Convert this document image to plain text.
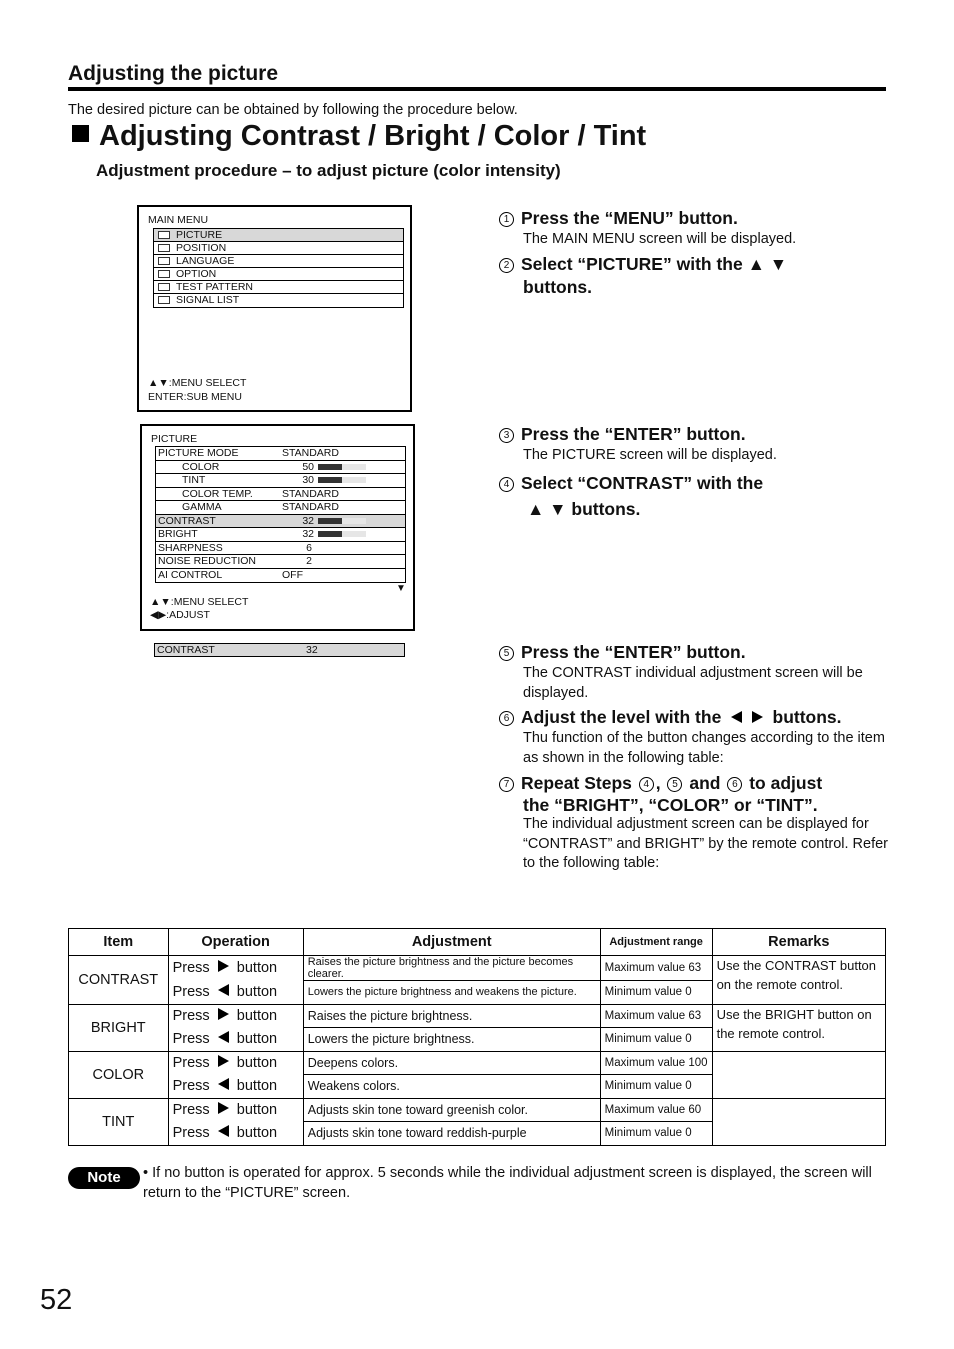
Adjusting the picture
The desired picture can be obtained by following the procedure below.
Adjusting Contrast / Bright / Color / Tint
Adjustment procedure – to adjust picture (color intensity)
MAIN MENU
PICTURE
POSITION
LANGUAGE
OPTION
TEST PATTERN
SIGNAL LIST
▲▼:MENU SELECT
ENTER:SUB MENU
PICTURE
PICTURE MODE	STANDARD
COLOR	50
TINT	30
COLOR TEMP.	STANDARD
GAMMA	STANDARD
CONTRAST	32
BRIGHT	32
SHARPNESS	6
NOISE REDUCTION	2
AI CONTROL	OFF
▼
▲▼:MENU SELECT
◀▶:ADJUST
CONTRAST	32
1 Press the “MENU” button.
The MAIN MENU screen will be displayed.
2 Select “PICTURE” with the ▲ ▼
buttons.
3 Press the “ENTER” button.
The PICTURE screen will be displayed.
4 Select “CONTRAST” with the
▲ ▼ buttons.
5 Press the “ENTER” button.
The CONTRAST individual adjustment screen will be displayed.
6 Adjust the level with the	buttons.
Thu function of the button changes according to the item as shown in the following table:
7 Repeat Steps 4 , 5 and 6 to adjust
the “BRIGHT”, “COLOR” or “TINT”.
The individual adjustment screen can be displayed for “CONTRAST” and BRIGHT” by the remote control. Refer to the following table:
Item	Operation	Adjustment	Adjustment range	Remarks
CONTRAST	Press button	Raises the picture brightness and the picture becomes clearer.	Maximum value 63	Use the CONTRAST button on the remote control.
	Press button	Lowers the picture brightness and weakens the picture.	Minimum value 0	
BRIGHT	Press button	Raises the picture brightness.	Maximum value 63	Use the BRIGHT button on the remote control.
	Press button	Lowers the picture brightness.	Minimum value 0	
COLOR	Press button	Deepens colors.	Maximum value 100	
	Press button	Weakens colors.	Minimum value 0	
TINT	Press button	Adjusts skin tone toward greenish color.	Maximum value 60	
	Press button	Adjusts skin tone toward reddish-purple	Minimum value 0	
Note	• If no button is operated for approx. 5 seconds while the individual adjustment screen is displayed, the screen will return to the “PICTURE” screen.
52
